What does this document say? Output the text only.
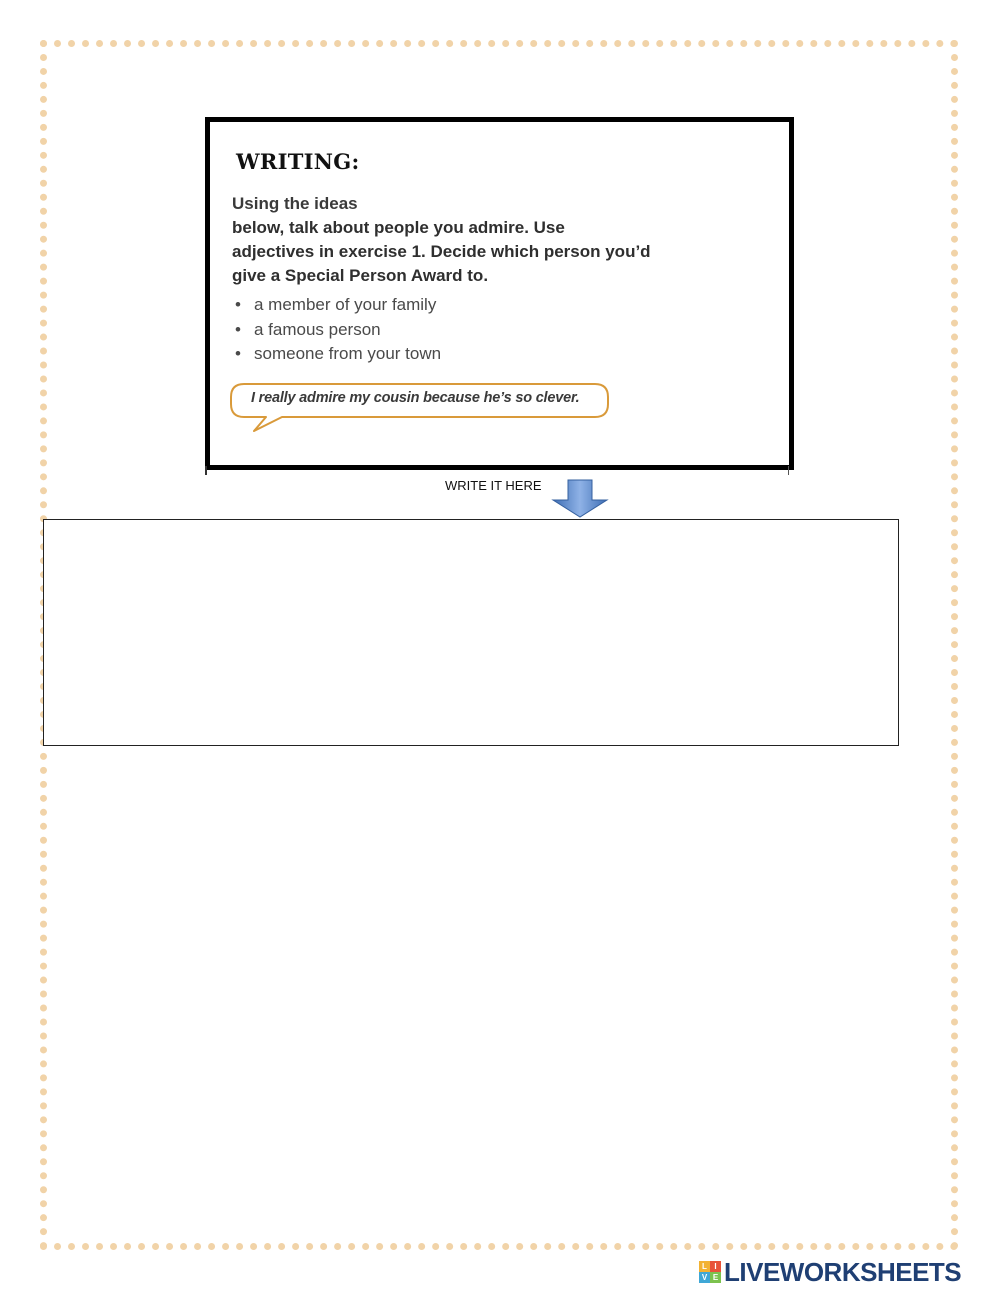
WRITING:
Using the ideas
below, talk about people you admire. Use
adjectives in exercise 1. Decide which person you’d
give a Special Person Award to.
• a member of your family
• a famous person
• someone from your town
I really admire my cousin because he’s so clever.
WRITE IT HERE
L I
V E LIVEWORKSHEETS
